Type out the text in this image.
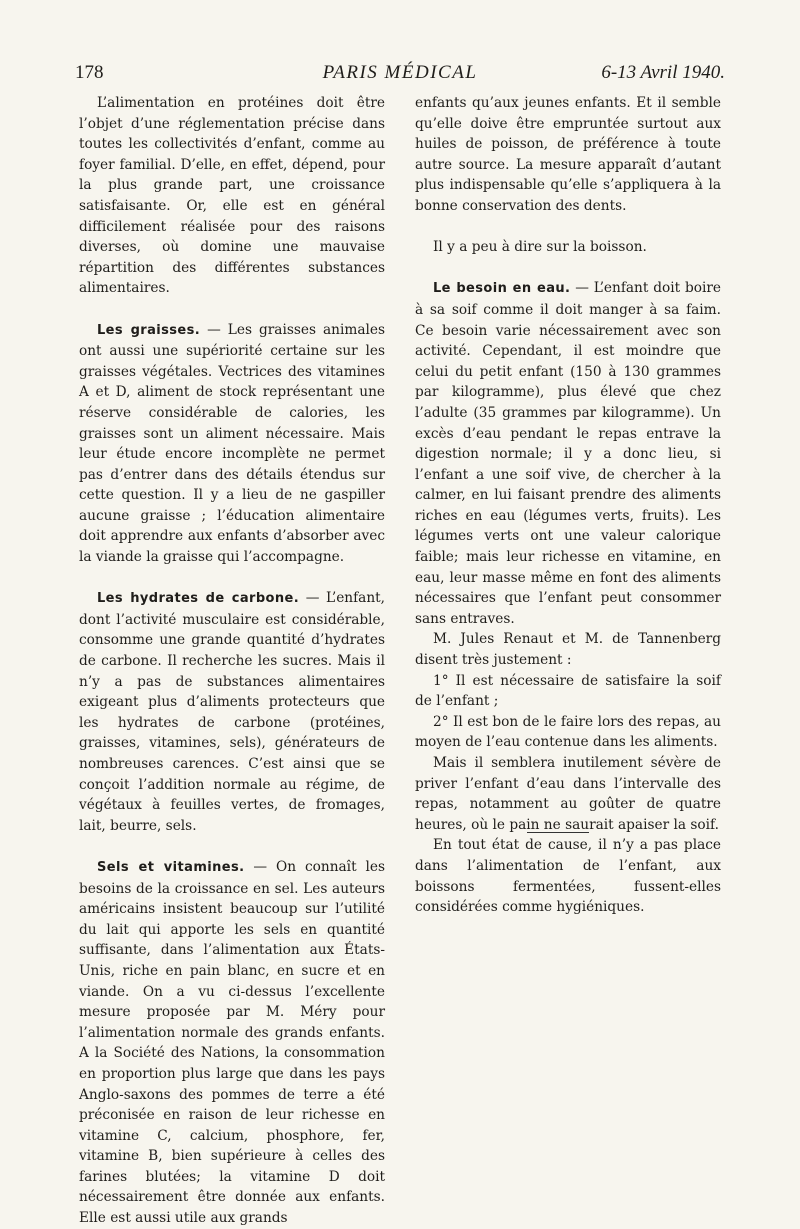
178	PARIS MÉDICAL	6-13 Avril 1940.

L’alimentation en protéines doit être l’objet d’une réglementation précise dans toutes les collectivités d’enfant, comme au foyer familial. D’elle, en effet, dépend, pour la plus grande part, une croissance satisfaisante. Or, elle est en général difficilement réalisée pour des raisons diverses, où domine une mauvaise répartition des différentes substances alimentaires.

Les graisses. — Les graisses animales ont aussi une supériorité certaine sur les graisses végétales. Vectrices des vitamines A et D, aliment de stock représentant une réserve considérable de calories, les graisses sont un aliment nécessaire. Mais leur étude encore incomplète ne permet pas d’entrer dans des détails étendus sur cette question. Il y a lieu de ne gaspiller aucune graisse ; l’éducation alimentaire doit apprendre aux enfants d’absorber avec la viande la graisse qui l’accompagne.

Les hydrates de carbone. — L’enfant, dont l’activité musculaire est considérable, consomme une grande quantité d’hydrates de carbone. Il recherche les sucres. Mais il n’y a pas de substances alimentaires exigeant plus d’aliments protecteurs que les hydrates de carbone (protéines, graisses, vitamines, sels), générateurs de nombreuses carences. C’est ainsi que se conçoit l’addition normale au régime, de végétaux à feuilles vertes, de fromages, lait, beurre, sels.

Sels et vitamines. — On connaît les besoins de la croissance en sel. Les auteurs américains insistent beaucoup sur l’utilité du lait qui apporte les sels en quantité suffisante, dans l’alimentation aux États-Unis, riche en pain blanc, en sucre et en viande. On a vu ci-dessus l’excellente mesure proposée par M. Méry pour l’alimentation normale des grands enfants. A la Société des Nations, la consommation en proportion plus large que dans les pays Anglo-saxons des pommes de terre a été préconisée en raison de leur richesse en vitamine C, calcium, phosphore, fer, vitamine B, bien supérieure à celles des farines blutées; la vitamine D doit nécessairement être donnée aux enfants. Elle est aussi utile aux grands

enfants qu’aux jeunes enfants. Et il semble qu’elle doive être empruntée surtout aux huiles de poisson, de préférence à toute autre source. La mesure apparaît d’autant plus indispensable qu’elle s’appliquera à la bonne conservation des dents.

Il y a peu à dire sur la boisson.

Le besoin en eau. — L’enfant doit boire à sa soif comme il doit manger à sa faim. Ce besoin varie nécessairement avec son activité. Cependant, il est moindre que celui du petit enfant (150 à 130 grammes par kilogramme), plus élevé que chez l’adulte (35 grammes par kilogramme). Un excès d’eau pendant le repas entrave la digestion normale; il y a donc lieu, si l’enfant a une soif vive, de chercher à la calmer, en lui faisant prendre des aliments riches en eau (légumes verts, fruits). Les légumes verts ont une valeur calorique faible; mais leur richesse en vitamine, en eau, leur masse même en font des aliments nécessaires que l’enfant peut consommer sans entraves.

M. Jules Renaut et M. de Tannenberg disent très justement :

1° Il est nécessaire de satisfaire la soif de l’enfant ;

2° Il est bon de le faire lors des repas, au moyen de l’eau contenue dans les aliments.

Mais il semblera inutilement sévère de priver l’enfant d’eau dans l’intervalle des repas, notamment au goûter de quatre heures, où le pain ne saurait apaiser la soif.

En tout état de cause, il n’y a pas place dans l’alimentation de l’enfant, aux boissons fermentées, fussent-elles considérées comme hygiéniques.
